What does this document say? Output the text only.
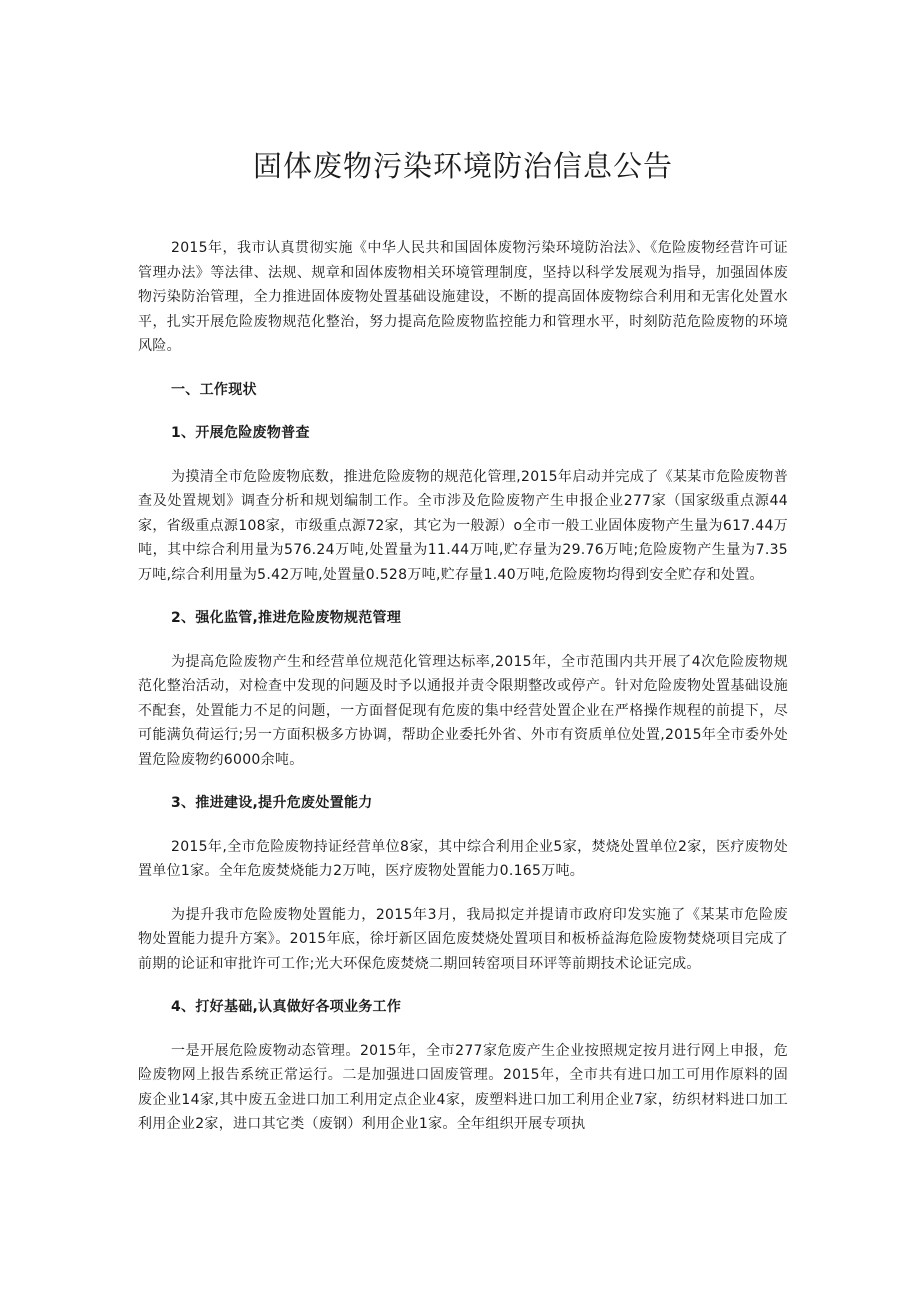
固体废物污染环境防治信息公告

2015年，我市认真贯彻实施《中华人民共和国固体废物污染环境防治法》、《危险废物经营许可证管理办法》等法律、法规、规章和固体废物相关环境管理制度，坚持以科学发展观为指导，加强固体废物污染防治管理，全力推进固体废物处置基础设施建设，不断的提高固体废物综合利用和无害化处置水平，扎实开展危险废物规范化整治，努力提高危险废物监控能力和管理水平，时刻防范危险废物的环境风险。

一、工作现状

1、开展危险废物普查

为摸清全市危险废物底数，推进危险废物的规范化管理,2015年启动并完成了《某某市危险废物普查及处置规划》调查分析和规划编制工作。全市涉及危险废物产生申报企业277家（国家级重点源44家，省级重点源108家，市级重点源72家，其它为一般源）o全市一般工业固体废物产生量为617.44万吨，其中综合利用量为576.24万吨,处置量为11.44万吨,贮存量为29.76万吨;危险废物产生量为7.35万吨,综合利用量为5.42万吨,处置量0.528万吨,贮存量1.40万吨,危险废物均得到安全贮存和处置。

2、强化监管,推进危险废物规范管理

为提高危险废物产生和经营单位规范化管理达标率,2015年，全市范围内共开展了4次危险废物规范化整治活动，对检查中发现的问题及时予以通报并责令限期整改或停产。针对危险废物处置基础设施不配套，处置能力不足的问题，一方面督促现有危废的集中经营处置企业在严格操作规程的前提下，尽可能满负荷运行;另一方面积极多方协调，帮助企业委托外省、外市有资质单位处置,2015年全市委外处置危险废物约6000余吨。

3、推进建设,提升危废处置能力

2015年,全市危险废物持证经营单位8家，其中综合利用企业5家，焚烧处置单位2家，医疗废物处置单位1家。全年危废焚烧能力2万吨，医疗废物处置能力0.165万吨。

为提升我市危险废物处置能力，2015年3月，我局拟定并提请市政府印发实施了《某某市危险废物处置能力提升方案》。2015年底，徐圩新区固危废焚烧处置项目和板桥益海危险废物焚烧项目完成了前期的论证和审批许可工作;光大环保危废焚烧二期回转窑项目环评等前期技术论证完成。

4、打好基础,认真做好各项业务工作

一是开展危险废物动态管理。2015年，全市277家危废产生企业按照规定按月进行网上申报，危险废物网上报告系统正常运行。二是加强进口固废管理。2015年，全市共有进口加工可用作原料的固废企业14家,其中废五金进口加工利用定点企业4家，废塑料进口加工利用企业7家，纺织材料进口加工利用企业2家，进口其它类（废钢）利用企业1家。全年组织开展专项执
